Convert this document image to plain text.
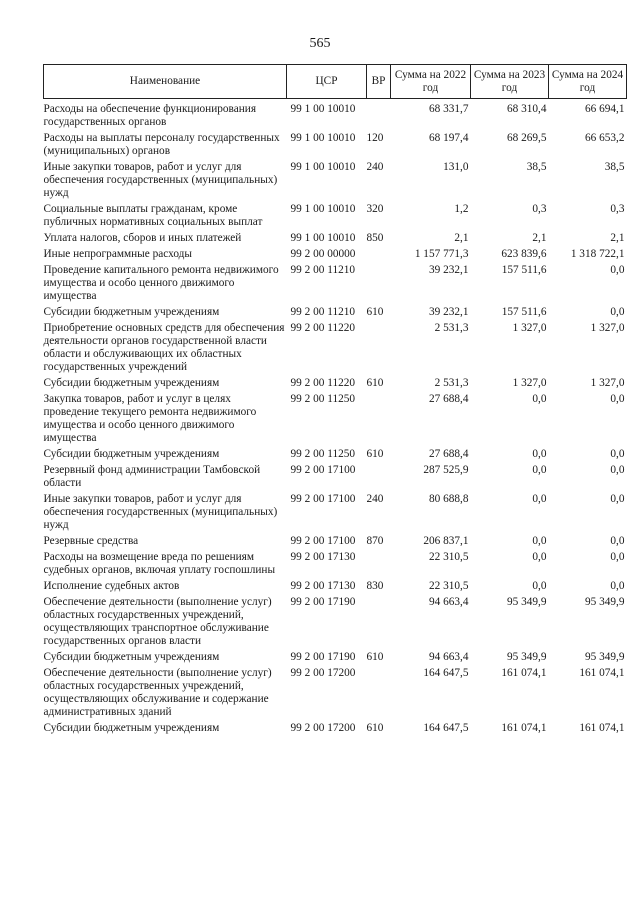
565
Наименование	ЦСР	ВР	Сумма на 2022 год	Сумма на 2023 год	Сумма на 2024 год
Расходы на обеспечение функционирования государственных органов	99 1 00 10010		68 331,7	68 310,4	66 694,1
Расходы на выплаты персоналу государственных (муниципальных) органов	99 1 00 10010	120	68 197,4	68 269,5	66 653,2
Иные закупки товаров, работ и услуг для обеспечения государственных (муниципальных) нужд	99 1 00 10010	240	131,0	38,5	38,5
Социальные выплаты гражданам, кроме публичных нормативных социальных выплат	99 1 00 10010	320	1,2	0,3	0,3
Уплата налогов, сборов и иных платежей	99 1 00 10010	850	2,1	2,1	2,1
Иные непрограммные расходы	99 2 00 00000		1 157 771,3	623 839,6	1 318 722,1
Проведение капитального ремонта недвижимого имущества и особо ценного движимого имущества	99 2 00 11210		39 232,1	157 511,6	0,0
Субсидии бюджетным учреждениям	99 2 00 11210	610	39 232,1	157 511,6	0,0
Приобретение основных средств для обеспечения деятельности органов государственной власти области и обслуживающих их областных государственных учреждений	99 2 00 11220		2 531,3	1 327,0	1 327,0
Субсидии бюджетным учреждениям	99 2 00 11220	610	2 531,3	1 327,0	1 327,0
Закупка товаров, работ и услуг в целях проведение текущего ремонта недвижимого имущества и особо ценного движимого имущества	99 2 00 11250		27 688,4	0,0	0,0
Субсидии бюджетным учреждениям	99 2 00 11250	610	27 688,4	0,0	0,0
Резервный фонд администрации Тамбовской области	99 2 00 17100		287 525,9	0,0	0,0
Иные закупки товаров, работ и услуг для обеспечения государственных (муниципальных) нужд	99 2 00 17100	240	80 688,8	0,0	0,0
Резервные средства	99 2 00 17100	870	206 837,1	0,0	0,0
Расходы на возмещение вреда по решениям судебных органов, включая уплату госпошлины	99 2 00 17130		22 310,5	0,0	0,0
Исполнение судебных актов	99 2 00 17130	830	22 310,5	0,0	0,0
Обеспечение деятельности (выполнение услуг) областных государственных учреждений, осуществляющих транспортное обслуживание государственных органов власти	99 2 00 17190		94 663,4	95 349,9	95 349,9
Субсидии бюджетным учреждениям	99 2 00 17190	610	94 663,4	95 349,9	95 349,9
Обеспечение деятельности (выполнение услуг) областных государственных учреждений, осуществляющих обслуживание и содержание административных зданий	99 2 00 17200		164 647,5	161 074,1	161 074,1
Субсидии бюджетным учреждениям	99 2 00 17200	610	164 647,5	161 074,1	161 074,1
